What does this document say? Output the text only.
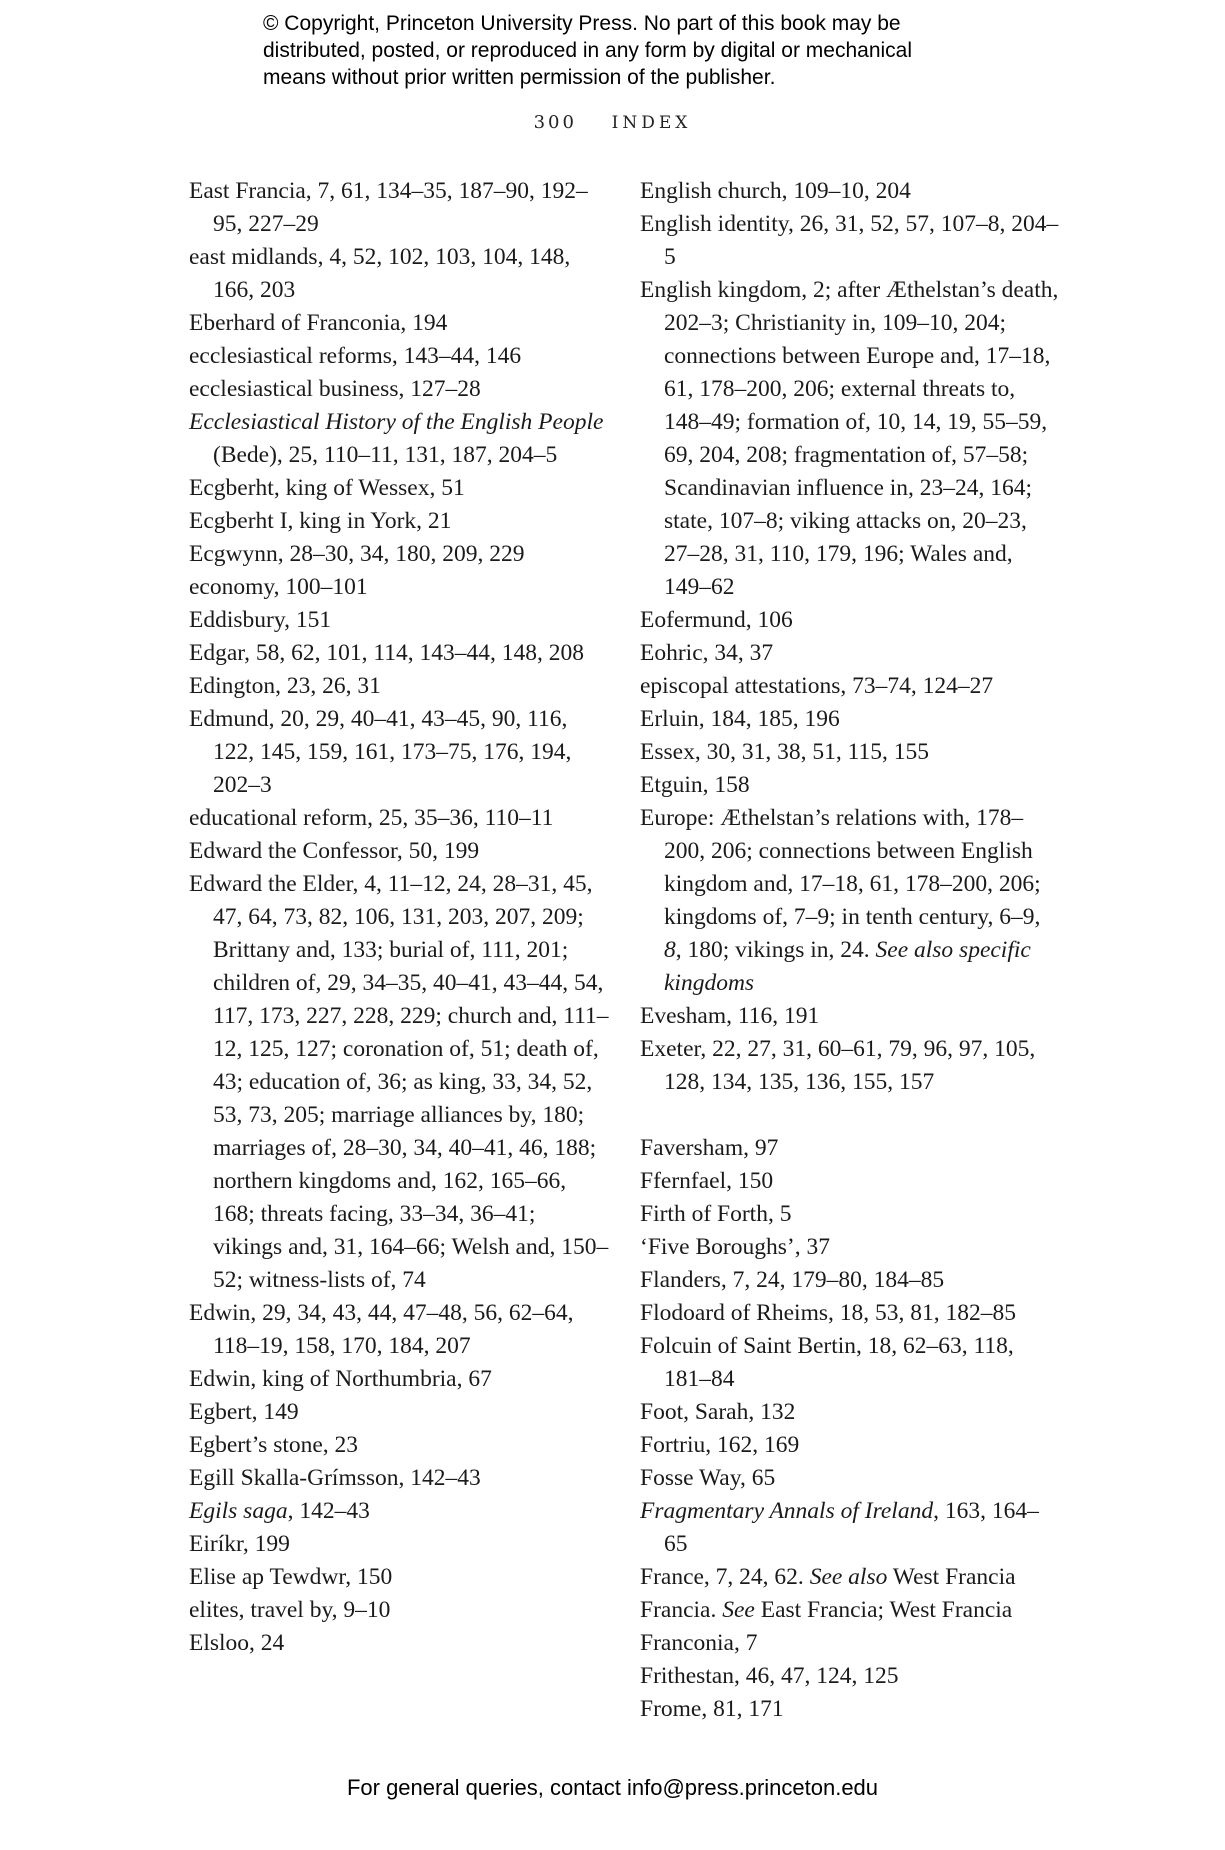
© Copyright, Princeton University Press. No part of this book may be
distributed, posted, or reproduced in any form by digital or mechanical
means without prior written permission of the publisher.
300 INDEX

East Francia, 7, 61, 134–35, 187–90, 192–95, 227–29

east midlands, 4, 52, 102, 103, 104, 148, 166, 203

Eberhard of Franconia, 194

ecclesiastical reforms, 143–44, 146

ecclesiastical business, 127–28

Ecclesiastical History of the English People (Bede), 25, 110–11, 131, 187, 204–5

Ecgberht, king of Wessex, 51

Ecgberht I, king in York, 21

Ecgwynn, 28–30, 34, 180, 209, 229

economy, 100–101

Eddisbury, 151

Edgar, 58, 62, 101, 114, 143–44, 148, 208

Edington, 23, 26, 31

Edmund, 20, 29, 40–41, 43–45, 90, 116, 122, 145, 159, 161, 173–75, 176, 194, 202–3

educational reform, 25, 35–36, 110–11

Edward the Confessor, 50, 199

Edward the Elder, 4, 11–12, 24, 28–31, 45, 47, 64, 73, 82, 106, 131, 203, 207, 209; Brittany and, 133; burial of, 111, 201; children of, 29, 34–35, 40–41, 43–44, 54, 117, 173, 227, 228, 229; church and, 111–12, 125, 127; coronation of, 51; death of, 43; education of, 36; as king, 33, 34, 52, 53, 73, 205; marriage alliances by, 180; marriages of, 28–30, 34, 40–41, 46, 188; northern kingdoms and, 162, 165–66, 168; threats facing, 33–34, 36–41; vikings and, 31, 164–66; Welsh and, 150–52; witness-lists of, 74

Edwin, 29, 34, 43, 44, 47–48, 56, 62–64, 118–19, 158, 170, 184, 207

Edwin, king of Northumbria, 67

Egbert, 149

Egbert’s stone, 23

Egill Skalla-Grímsson, 142–43

Egils saga, 142–43

Eiríkr, 199

Elise ap Tewdwr, 150

elites, travel by, 9–10

Elsloo, 24

English church, 109–10, 204

English identity, 26, 31, 52, 57, 107–8, 204–5

English kingdom, 2; after Æthelstan’s death, 202–3; Christianity in, 109–10, 204; connections between Europe and, 17–18, 61, 178–200, 206; external threats to, 148–49; formation of, 10, 14, 19, 55–59, 69, 204, 208; fragmentation of, 57–58; Scandinavian influence in, 23–24, 164; state, 107–8; viking attacks on, 20–23, 27–28, 31, 110, 179, 196; Wales and, 149–62

Eofermund, 106

Eohric, 34, 37

episcopal attestations, 73–74, 124–27

Erluin, 184, 185, 196

Essex, 30, 31, 38, 51, 115, 155

Etguin, 158

Europe: Æthelstan’s relations with, 178–200, 206; connections between English kingdom and, 17–18, 61, 178–200, 206; kingdoms of, 7–9; in tenth century, 6–9, 8, 180; vikings in, 24. See also specific kingdoms

Evesham, 116, 191

Exeter, 22, 27, 31, 60–61, 79, 96, 97, 105, 128, 134, 135, 136, 155, 157

Faversham, 97

Ffernfael, 150

Firth of Forth, 5

‘Five Boroughs’, 37

Flanders, 7, 24, 179–80, 184–85

Flodoard of Rheims, 18, 53, 81, 182–85

Folcuin of Saint Bertin, 18, 62–63, 118, 181–84

Foot, Sarah, 132

Fortriu, 162, 169

Fosse Way, 65

Fragmentary Annals of Ireland, 163, 164–65

France, 7, 24, 62. See also West Francia

Francia. See East Francia; West Francia

Franconia, 7

Frithestan, 46, 47, 124, 125

Frome, 81, 171

For general queries, contact info@press.princeton.edu
